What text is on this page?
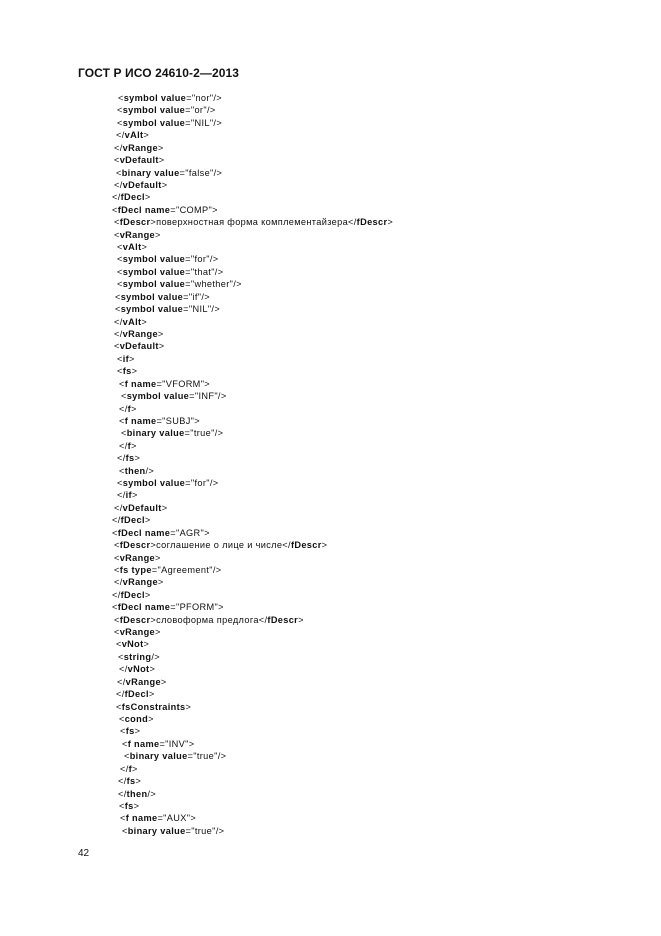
ГОСТ Р ИСО 24610-2—2013
<symbol value="nor"/>
<symbol value="or"/>
<symbol value="NIL"/>
</vAlt>
</vRange>
<vDefault>
<binary value="false"/>
</vDefault>
</fDecl>
<fDecl name="COMP">
<fDescr>поверхностная форма комплементайзера</fDescr>
<vRange>
<vAlt>
<symbol value="for"/>
<symbol value="that"/>
<symbol value="whether"/>
<symbol value="if"/>
<symbol value="NIL"/>
</vAlt>
</vRange>
<vDefault>
<if>
<fs>
<f name="VFORM">
<symbol value="INF"/>
</f>
<f name="SUBJ">
<binary value="true"/>
</f>
</fs>
<then/>
<symbol value="for"/>
</if>
</vDefault>
</fDecl>
<fDecl name="AGR">
<fDescr>соглашение о лице и числе</fDescr>
<vRange>
<fs type="Agreement"/>
</vRange>
</fDecl>
<fDecl name="PFORM">
<fDescr>словоформа предлога</fDescr>
<vRange>
<vNot>
<string/>
</vNot>
</vRange>
</fDecl>
<fsConstraints>
<cond>
<fs>
<f name="INV">
<binary value="true"/>
</f>
</fs>
</then/>
<fs>
<f name="AUX">
<binary value="true"/>
42
